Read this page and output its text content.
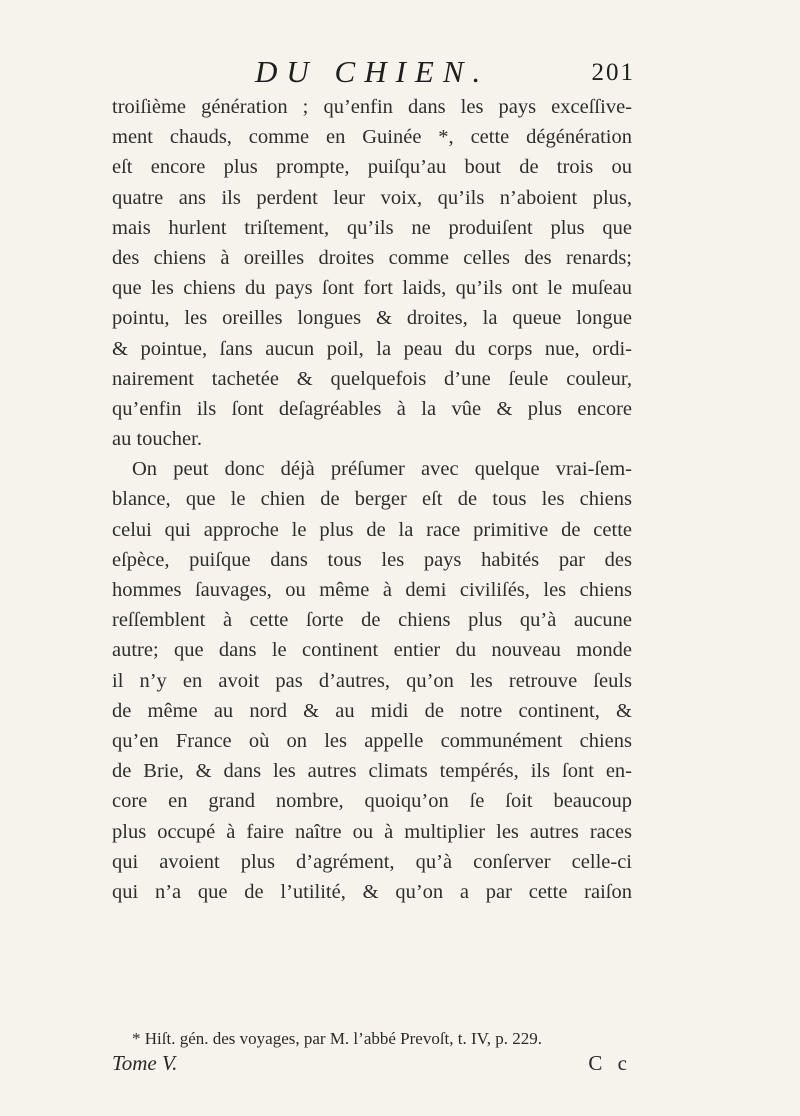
DU CHIEN.	201
troiſième génération ; qu’enfin dans les pays exceſſive-
ment chauds, comme en Guinée *, cette dégénération
eſt encore plus prompte, puiſqu’au bout de trois ou
quatre ans ils perdent leur voix, qu’ils n’aboient plus,
mais hurlent triſtement, qu’ils ne produiſent plus que
des chiens à oreilles droites comme celles des renards;
que les chiens du pays ſont fort laids, qu’ils ont le muſeau
pointu, les oreilles longues & droites, la queue longue
& pointue, ſans aucun poil, la peau du corps nue, ordi-
nairement tachetée & quelquefois d’une ſeule couleur,
qu’enfin ils ſont deſagréables à la vûe & plus encore
au toucher.
On peut donc déjà préſumer avec quelque vrai-ſem-
blance, que le chien de berger eſt de tous les chiens
celui qui approche le plus de la race primitive de cette
eſpèce, puiſque dans tous les pays habités par des
hommes ſauvages, ou même à demi civiliſés, les chiens
reſſemblent à cette ſorte de chiens plus qu’à aucune
autre; que dans le continent entier du nouveau monde
il n’y en avoit pas d’autres, qu’on les retrouve ſeuls
de même au nord & au midi de notre continent, &
qu’en France où on les appelle communément chiens
de Brie, & dans les autres climats tempérés, ils ſont en-
core en grand nombre, quoiqu’on ſe ſoit beaucoup
plus occupé à faire naître ou à multiplier les autres races
qui avoient plus d’agrément, qu’à conſerver celle-ci
qui n’a que de l’utilité, & qu’on a par cette raiſon
* Hiſt. gén. des voyages, par M. l’abbé Prevoſt, t. IV, p. 229.
Tome V.	C c
